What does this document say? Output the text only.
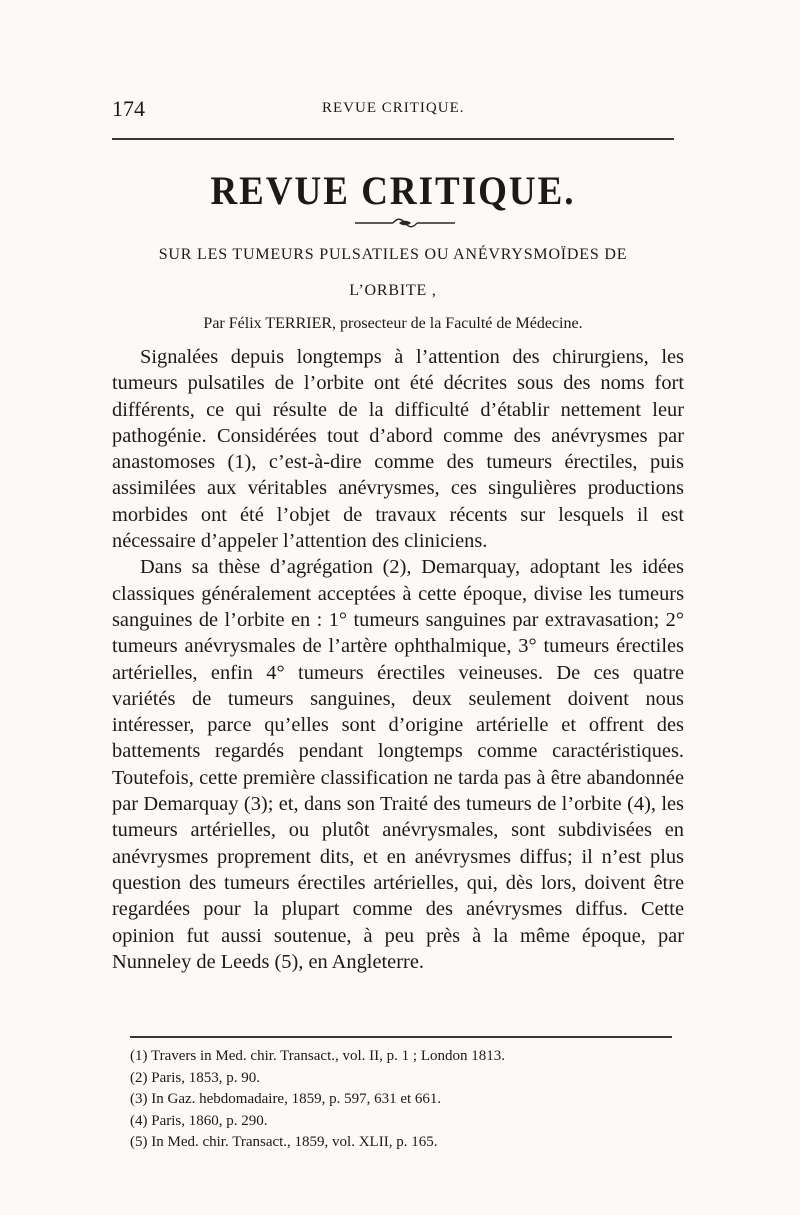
174	REVUE CRITIQUE.
REVUE CRITIQUE.
SUR LES TUMEURS PULSATILES OU ANÉVRYSMOÏDES DE
L’ORBITE ,
Par Félix TERRIER, prosecteur de la Faculté de Médecine.

Signalées depuis longtemps à l’attention des chirurgiens, les tumeurs pulsatiles de l’orbite ont été décrites sous des noms fort différents, ce qui résulte de la difficulté d’établir nettement leur pathogénie. Considérées tout d’abord comme des anévrysmes par anastomoses (1), c’est-à-dire comme des tumeurs érectiles, puis assimilées aux véritables anévrysmes, ces singulières productions morbides ont été l’objet de travaux récents sur lesquels il est nécessaire d’appeler l’attention des cliniciens.

Dans sa thèse d’agrégation (2), Demarquay, adoptant les idées classiques généralement acceptées à cette époque, divise les tumeurs sanguines de l’orbite en : 1° tumeurs sanguines par extravasation; 2° tumeurs anévrysmales de l’artère ophthalmique, 3° tumeurs érectiles artérielles, enfin 4° tumeurs érectiles veineuses. De ces quatre variétés de tumeurs sanguines, deux seulement doivent nous intéresser, parce qu’elles sont d’origine artérielle et offrent des battements regardés pendant longtemps comme caractéristiques. Toutefois, cette première classification ne tarda pas à être abandonnée par Demarquay (3); et, dans son Traité des tumeurs de l’orbite (4), les tumeurs artérielles, ou plutôt anévrysmales, sont subdivisées en anévrysmes proprement dits, et en anévrysmes diffus; il n’est plus question des tumeurs érectiles artérielles, qui, dès lors, doivent être regardées pour la plupart comme des anévrysmes diffus. Cette opinion fut aussi soutenue, à peu près à la même époque, par Nunneley de Leeds (5), en Angleterre.

(1) Travers in Med. chir. Transact., vol. II, p. 1 ; London 1813.
(2) Paris, 1853, p. 90.
(3) In Gaz. hebdomadaire, 1859, p. 597, 631 et 661.
(4) Paris, 1860, p. 290.
(5) In Med. chir. Transact., 1859, vol. XLII, p. 165.
